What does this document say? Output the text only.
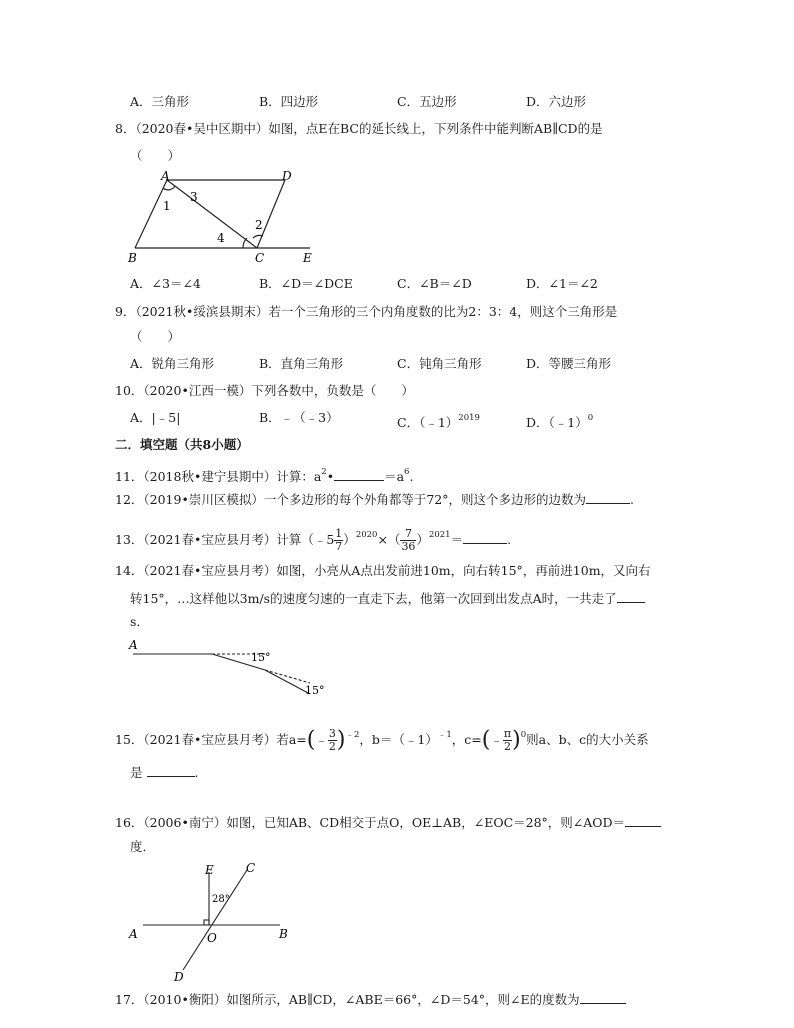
A．三角形	B．四边形	C．五边形	D．六边形
8．（2020春•吴中区期中）如图，点E在BC的延长线上，下列条件中能判断AB∥CD的是
（　　）
A	D
B	C	E
1
2
3
4
A．∠3＝∠4	B．∠D＝∠DCE	C．∠B＝∠D	D．∠1＝∠2
9．（2021秋•绥滨县期末）若一个三角形的三个内角度数的比为2：3：4，则这个三角形是
（　　）
A．锐角三角形	B．直角三角形	C．钝角三角形	D．等腰三角形
10．（2020•江西一模）下列各数中，负数是（　　）
A．|﹣5|	B．﹣（﹣3）	C．（﹣1）$^{2019}$	D．（﹣1）$^0$
二．填空题（共8小题）
11．（2018秋•建宁县期中）计算：$a^2•$	$=a^6$.
12．（2019•崇川区模拟）一个多边形的每个外角都等于72°，则这个多边形的边数为	.
13．（2021春•宝应县月考）计算（﹣5 $\frac{1}{7} )^{2020}\times( \frac{7}{36} )^{2021}=$	.
14．（2021春•宝应县月考）如图，小亮从A点出发前进10m，向右转15°，再前进10m，又向右
转15°，…这样他以3m/s的速度匀速的一直走下去，他第一次回到出发点A时，一共走了
s．
A
15°
15°
15．（2021春•宝应县月考）若a=(﹣ $\frac{3}{2} )^{﹣2}$，b＝（﹣1）$^{﹣1}$，c=(﹣ $\frac{\pi}{2} )^0$则a、b、c的大小关系
是	.
16．（2006•南宁）如图，已知AB、CD相交于点O，OE⊥AB，∠EOC＝28°，则∠AOD＝
度．
E	C
A	O	B
D
28°
17．（2010•衡阳）如图所示，AB∥CD，∠ABE＝66°，∠D＝54°，则∠E的度数为
